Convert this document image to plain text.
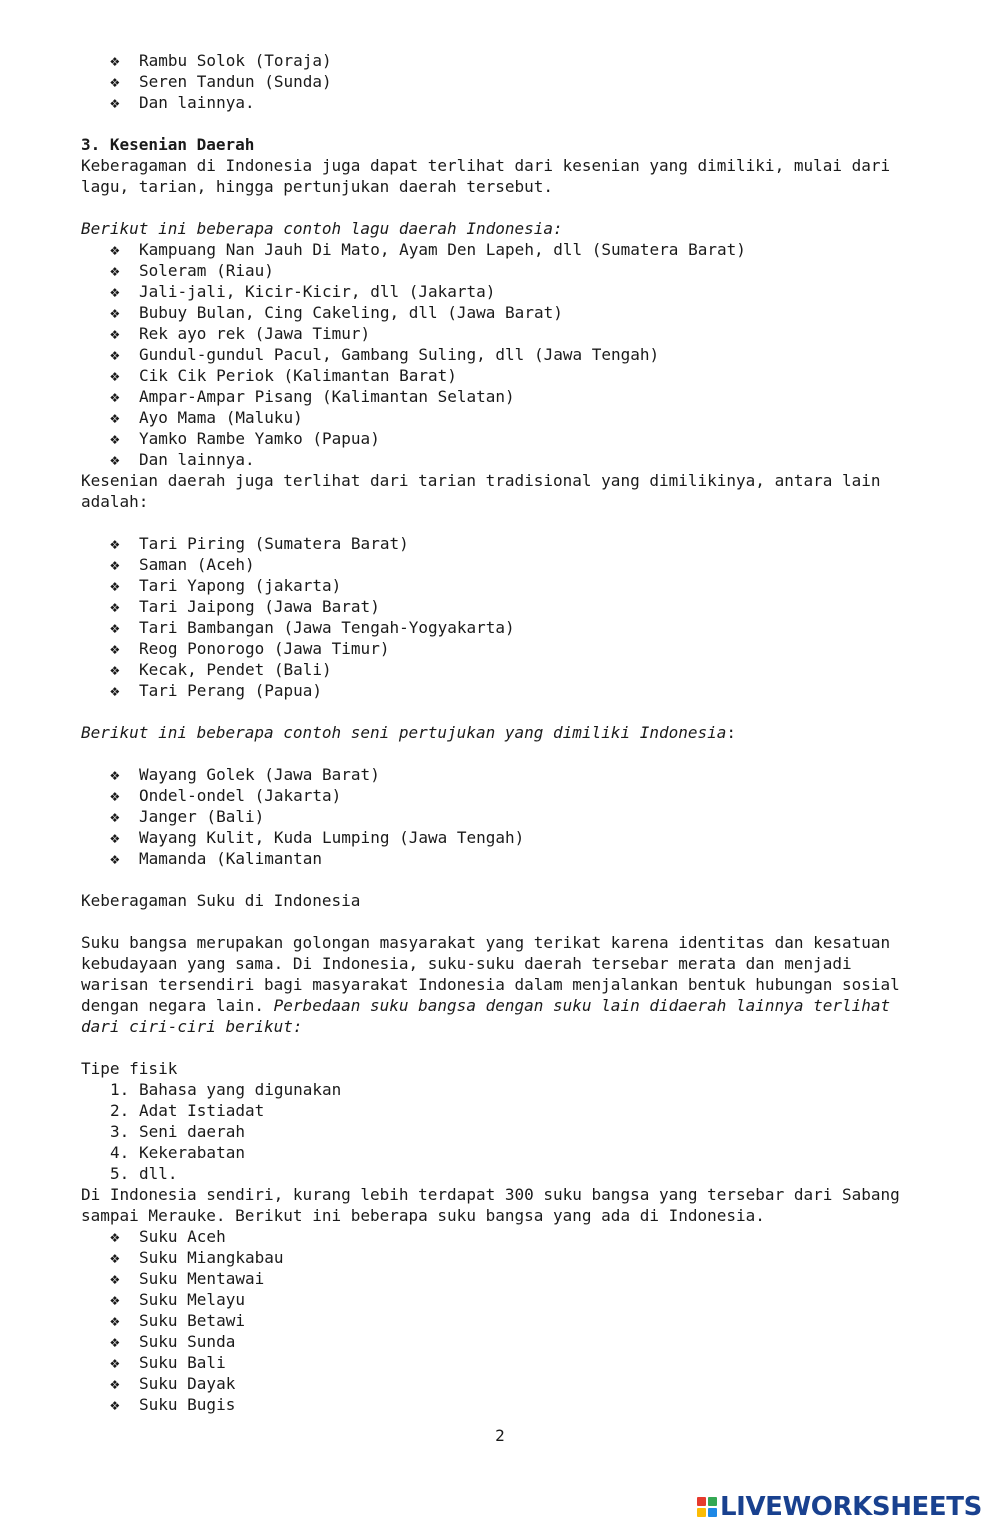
❖ Rambu Solok (Toraja)
❖ Seren Tandun (Sunda)
❖ Dan lainnya.
3. Kesenian Daerah
Keberagaman di Indonesia juga dapat terlihat dari kesenian yang dimiliki, mulai dari
lagu, tarian, hingga pertunjukan daerah tersebut.
Berikut ini beberapa contoh lagu daerah Indonesia:
❖ Kampuang Nan Jauh Di Mato, Ayam Den Lapeh, dll (Sumatera Barat)
❖ Soleram (Riau)
❖ Jali-jali, Kicir-Kicir, dll (Jakarta)
❖ Bubuy Bulan, Cing Cakeling, dll (Jawa Barat)
❖ Rek ayo rek (Jawa Timur)
❖ Gundul-gundul Pacul, Gambang Suling, dll (Jawa Tengah)
❖ Cik Cik Periok (Kalimantan Barat)
❖ Ampar-Ampar Pisang (Kalimantan Selatan)
❖ Ayo Mama (Maluku)
❖ Yamko Rambe Yamko (Papua)
❖ Dan lainnya.
Kesenian daerah juga terlihat dari tarian tradisional yang dimilikinya, antara lain
adalah:
❖ Tari Piring (Sumatera Barat)
❖ Saman (Aceh)
❖ Tari Yapong (jakarta)
❖ Tari Jaipong (Jawa Barat)
❖ Tari Bambangan (Jawa Tengah-Yogyakarta)
❖ Reog Ponorogo (Jawa Timur)
❖ Kecak, Pendet (Bali)
❖ Tari Perang (Papua)
Berikut ini beberapa contoh seni pertujukan yang dimiliki Indonesia:
❖ Wayang Golek (Jawa Barat)
❖ Ondel-ondel (Jakarta)
❖ Janger (Bali)
❖ Wayang Kulit, Kuda Lumping (Jawa Tengah)
❖ Mamanda (Kalimantan
Keberagaman Suku di Indonesia
Suku bangsa merupakan golongan masyarakat yang terikat karena identitas dan kesatuan
kebudayaan yang sama. Di Indonesia, suku-suku daerah tersebar merata dan menjadi
warisan tersendiri bagi masyarakat Indonesia dalam menjalankan bentuk hubungan sosial
dengan negara lain. Perbedaan suku bangsa dengan suku lain didaerah lainnya terlihat
dari ciri-ciri berikut:
Tipe fisik
1. Bahasa yang digunakan
2. Adat Istiadat
3. Seni daerah
4. Kekerabatan
5. dll.
Di Indonesia sendiri, kurang lebih terdapat 300 suku bangsa yang tersebar dari Sabang
sampai Merauke. Berikut ini beberapa suku bangsa yang ada di Indonesia.
❖ Suku Aceh
❖ Suku Miangkabau
❖ Suku Mentawai
❖ Suku Melayu
❖ Suku Betawi
❖ Suku Sunda
❖ Suku Bali
❖ Suku Dayak
❖ Suku Bugis
2
LIVEWORKSHEETS
